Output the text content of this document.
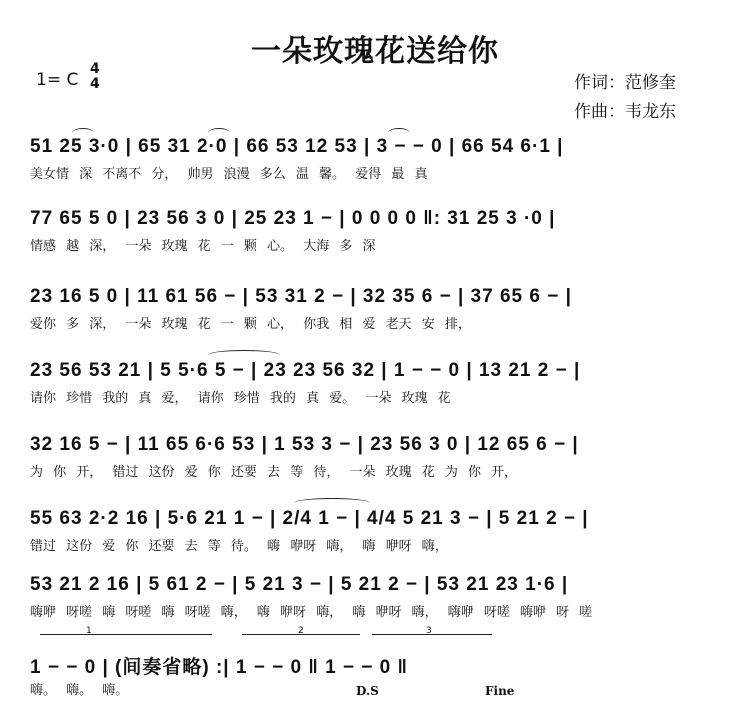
一朵玫瑰花送给你
1= C
4
4	作词：范修奎
作曲：韦龙东
51 25 3·0 | 65 31 2·0 | 66 53 12 53 | 3 − − 0 | 66 54 6·1 |
美女情 深 不离不 分， 帅男 浪漫 多么 温 馨。 爱得 最 真
77 65 5 0 | 23 56 3 0 | 25 23 1 − | 0 0 0 0 ‖: 31 25 3 ·0 |
情感 越 深， 一朵 玫瑰 花 一 颗 心。 大海 多 深
23 16 5 0 | 11 61 56 − | 53 31 2 − | 32 35 6 − | 37 65 6 − |
爱你 多 深， 一朵 玫瑰 花 一 颗 心， 你我 相 爱 老天 安 排，
23 56 53 21 | 5 5·6 5 − | 23 23 56 32 | 1 − − 0 | 13 21 2 − |
请你 珍惜 我的 真 爱， 请你 珍惜 我的 真 爱。 一朵 玫瑰 花
32 16 5 − | 11 65 6·6 53 | 1 53 3 − | 23 56 3 0 | 12 65 6 − |
为 你 开， 错过 这份 爱 你 还要 去 等 待， 一朵 玫瑰 花 为 你 开，
55 63 2·2 16 | 5·6 21 1 − | 2/4 1 − | 4/4 5 21 3 − | 5 21 2 − |
错过 这份 爱 你 还要 去 等 待。 嗨 咿呀 嗨， 嗨 咿呀 嗨，
53 21 2 16 | 5 61 2 − | 5 21 3 − | 5 21 2 − | 53 21 23 1·6 |
嗨咿 呀嗟 嗨 呀嗟 嗨 呀嗟 嗨， 嗨 咿呀 嗨， 嗨 咿呀 嗨， 嗨咿 呀嗟 嗨咿 呀 嗟
1 − − 0 | (间奏省略) :| 1 − − 0 ‖ 1 − − 0 ‖
嗨。 嗨。 嗨。
1	2	3
D.S	Fine
